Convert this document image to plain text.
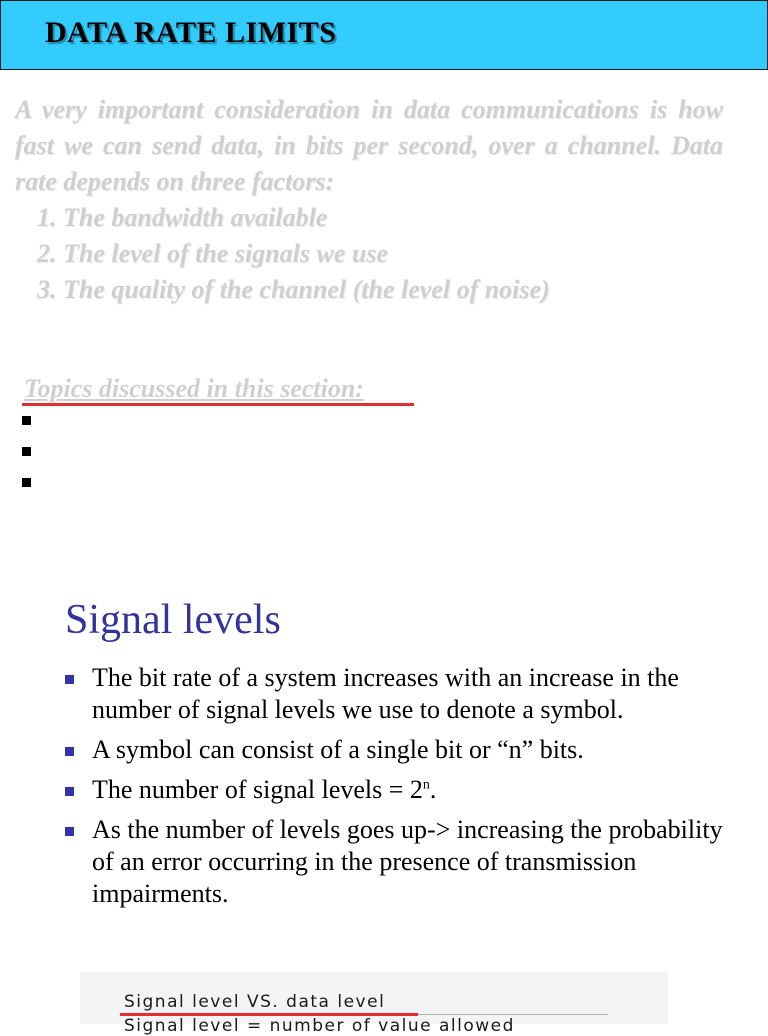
DATA RATE LIMITS

A very important consideration in data communications is how fast we can send data, in bits per second, over a channel. Data rate depends on three factors:

1. The bandwidth available
2. The level of the signals we use
3. The quality of the channel (the level of noise)

Topics discussed in this section:

Signal levels
The bit rate of a system increases with an increase in the number of signal levels we use to denote a symbol.
A symbol can consist of a single bit or “n” bits.
The number of signal levels = $2^n$.
As the number of levels goes up-> increasing the probability of an error occurring in the presence of transmission impairments.

Signal level VS. data level

Signal level = number of value allowed
